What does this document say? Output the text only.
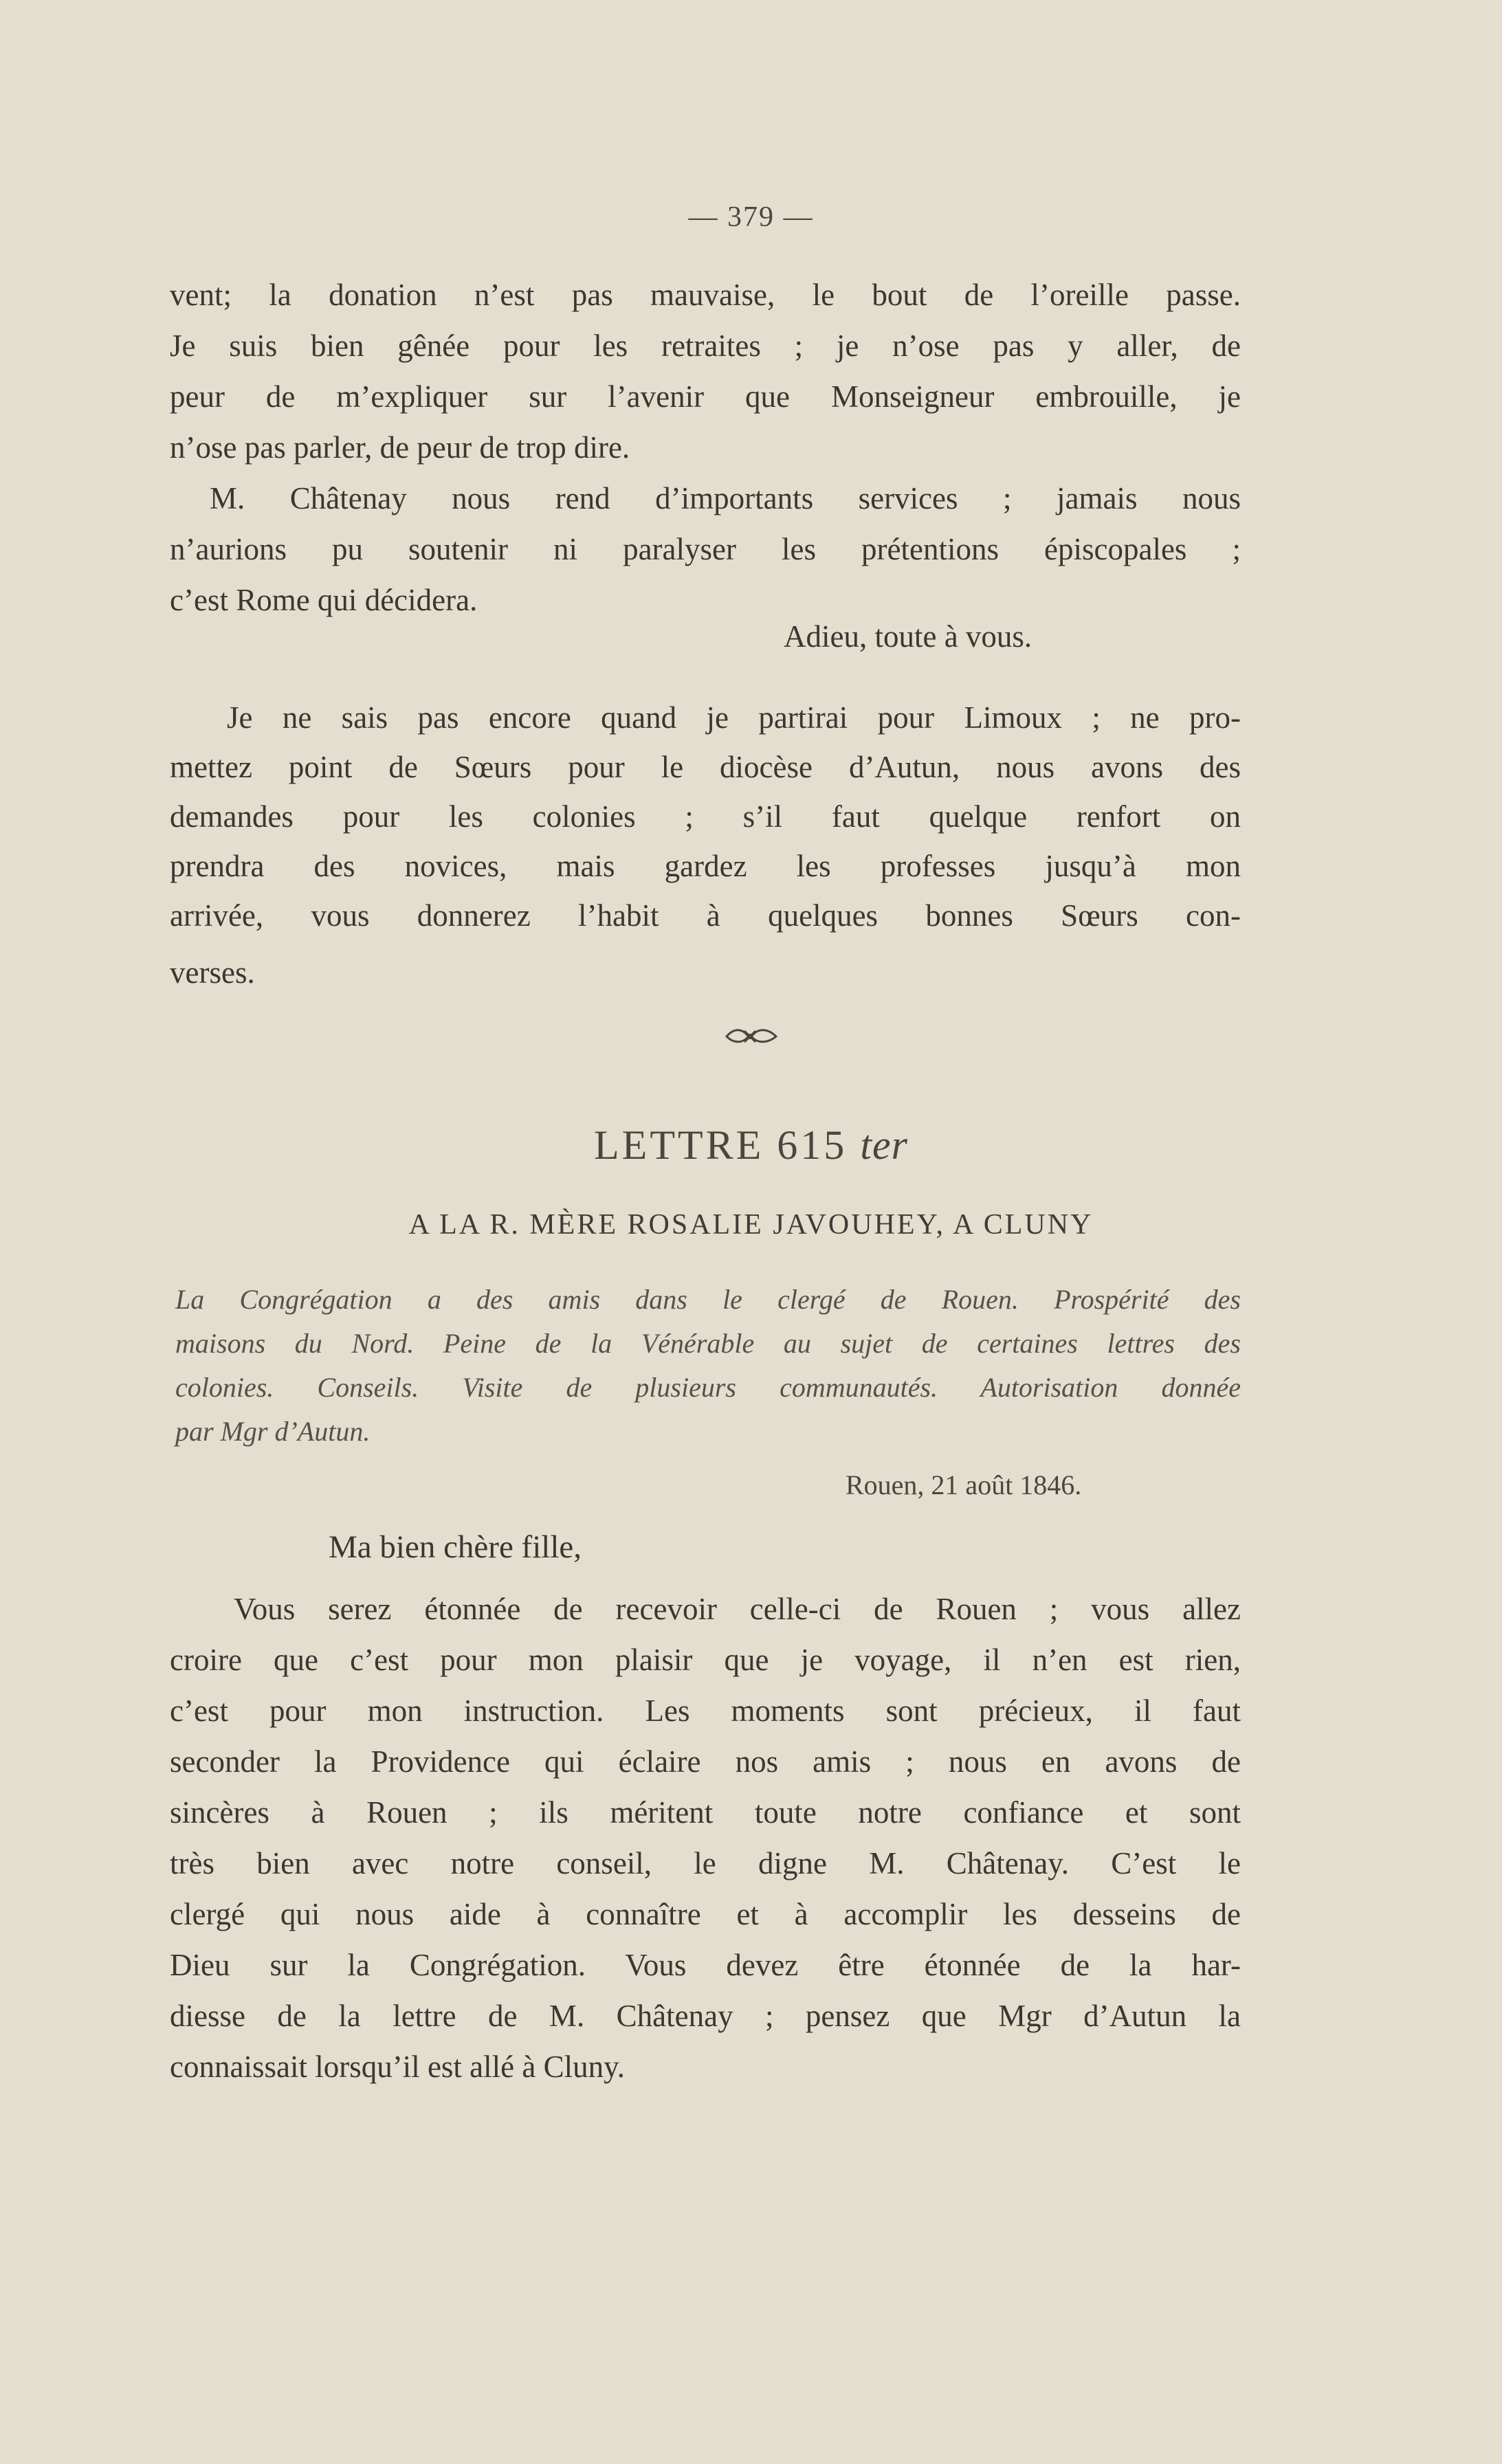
— 379 —
vent; la donation n’est pas mauvaise, le bout de l’oreille passe.
Je suis bien gênée pour les retraites ; je n’ose pas y aller, de
peur de m’expliquer sur l’avenir que Monseigneur embrouille, je
n’ose pas parler, de peur de trop dire.
M. Châtenay nous rend d’importants services ; jamais nous
n’aurions pu soutenir ni paralyser les prétentions épiscopales ;
c’est Rome qui décidera.
Adieu, toute à vous.
Je ne sais pas encore quand je partirai pour Limoux ; ne pro-
mettez point de Sœurs pour le diocèse d’Autun, nous avons des
demandes pour les colonies ; s’il faut quelque renfort on
prendra des novices, mais gardez les professes jusqu’à mon
arrivée, vous donnerez l’habit à quelques bonnes Sœurs con-
verses.
LETTRE 615 ter
A LA R. MÈRE ROSALIE JAVOUHEY, A CLUNY
La Congrégation a des amis dans le clergé de Rouen. Prospérité des
maisons du Nord. Peine de la Vénérable au sujet de certaines lettres des
colonies. Conseils. Visite de plusieurs communautés. Autorisation donnée
par Mgr d’Autun.
Rouen, 21 août 1846.
Ma bien chère fille,
Vous serez étonnée de recevoir celle-ci de Rouen ; vous allez
croire que c’est pour mon plaisir que je voyage, il n’en est rien,
c’est pour mon instruction. Les moments sont précieux, il faut
seconder la Providence qui éclaire nos amis ; nous en avons de
sincères à Rouen ; ils méritent toute notre confiance et sont
très bien avec notre conseil, le digne M. Châtenay. C’est le
clergé qui nous aide à connaître et à accomplir les desseins de
Dieu sur la Congrégation. Vous devez être étonnée de la har-
diesse de la lettre de M. Châtenay ; pensez que Mgr d’Autun la
connaissait lorsqu’il est allé à Cluny.
